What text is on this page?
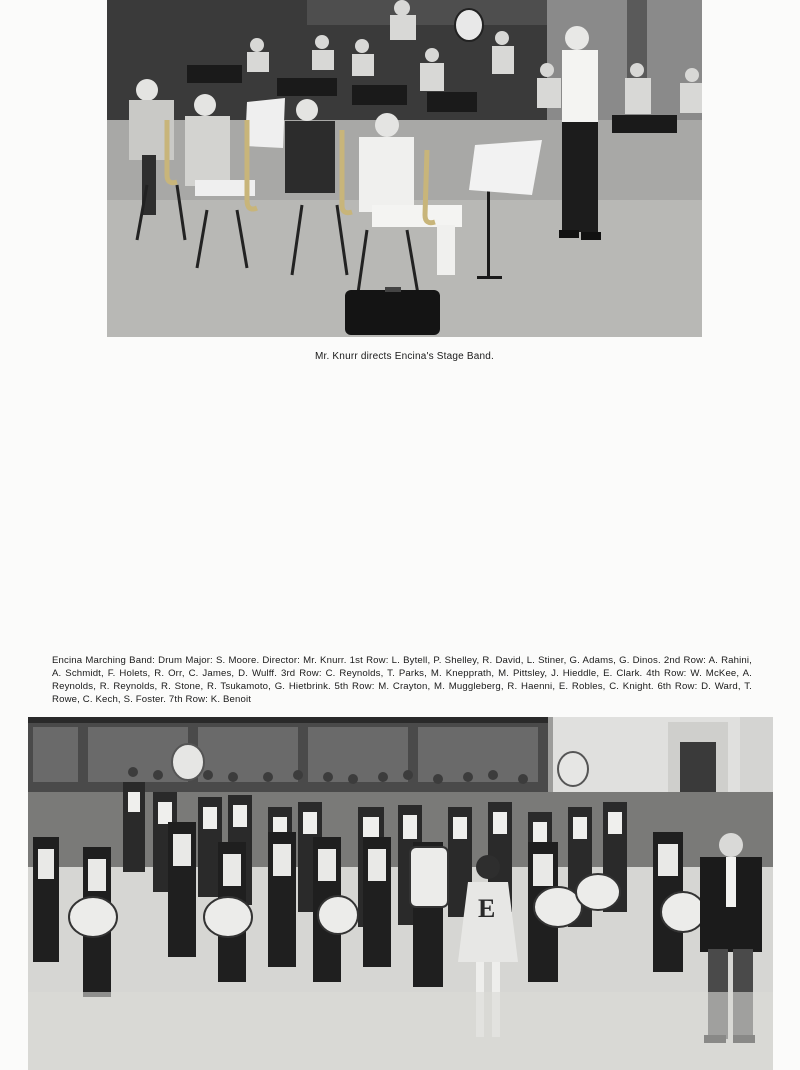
Mr. Knurr directs Encina's Stage Band.
Encina Marching Band: Drum Major: S. Moore. Director: Mr. Knurr. 1st Row: L. Bytell, P. Shelley, R. David, L. Stiner, G. Adams, G. Dinos. 2nd Row: A. Rahini, A. Schmidt, F. Holets, R. Orr, C. James, D. Wulff. 3rd Row: C. Reynolds, T. Parks, M. Knepprath, M. Pittsley, J. Hieddle, E. Clark. 4th Row: W. McKee, A. Reynolds, R. Reynolds, R. Stone, R. Tsukamoto, G. Hietbrink. 5th Row: M. Crayton, M. Muggleberg, R. Haenni, E. Robles, C. Knight. 6th Row: D. Ward, T. Rowe, C. Kech, S. Foster. 7th Row: K. Benoit
E
